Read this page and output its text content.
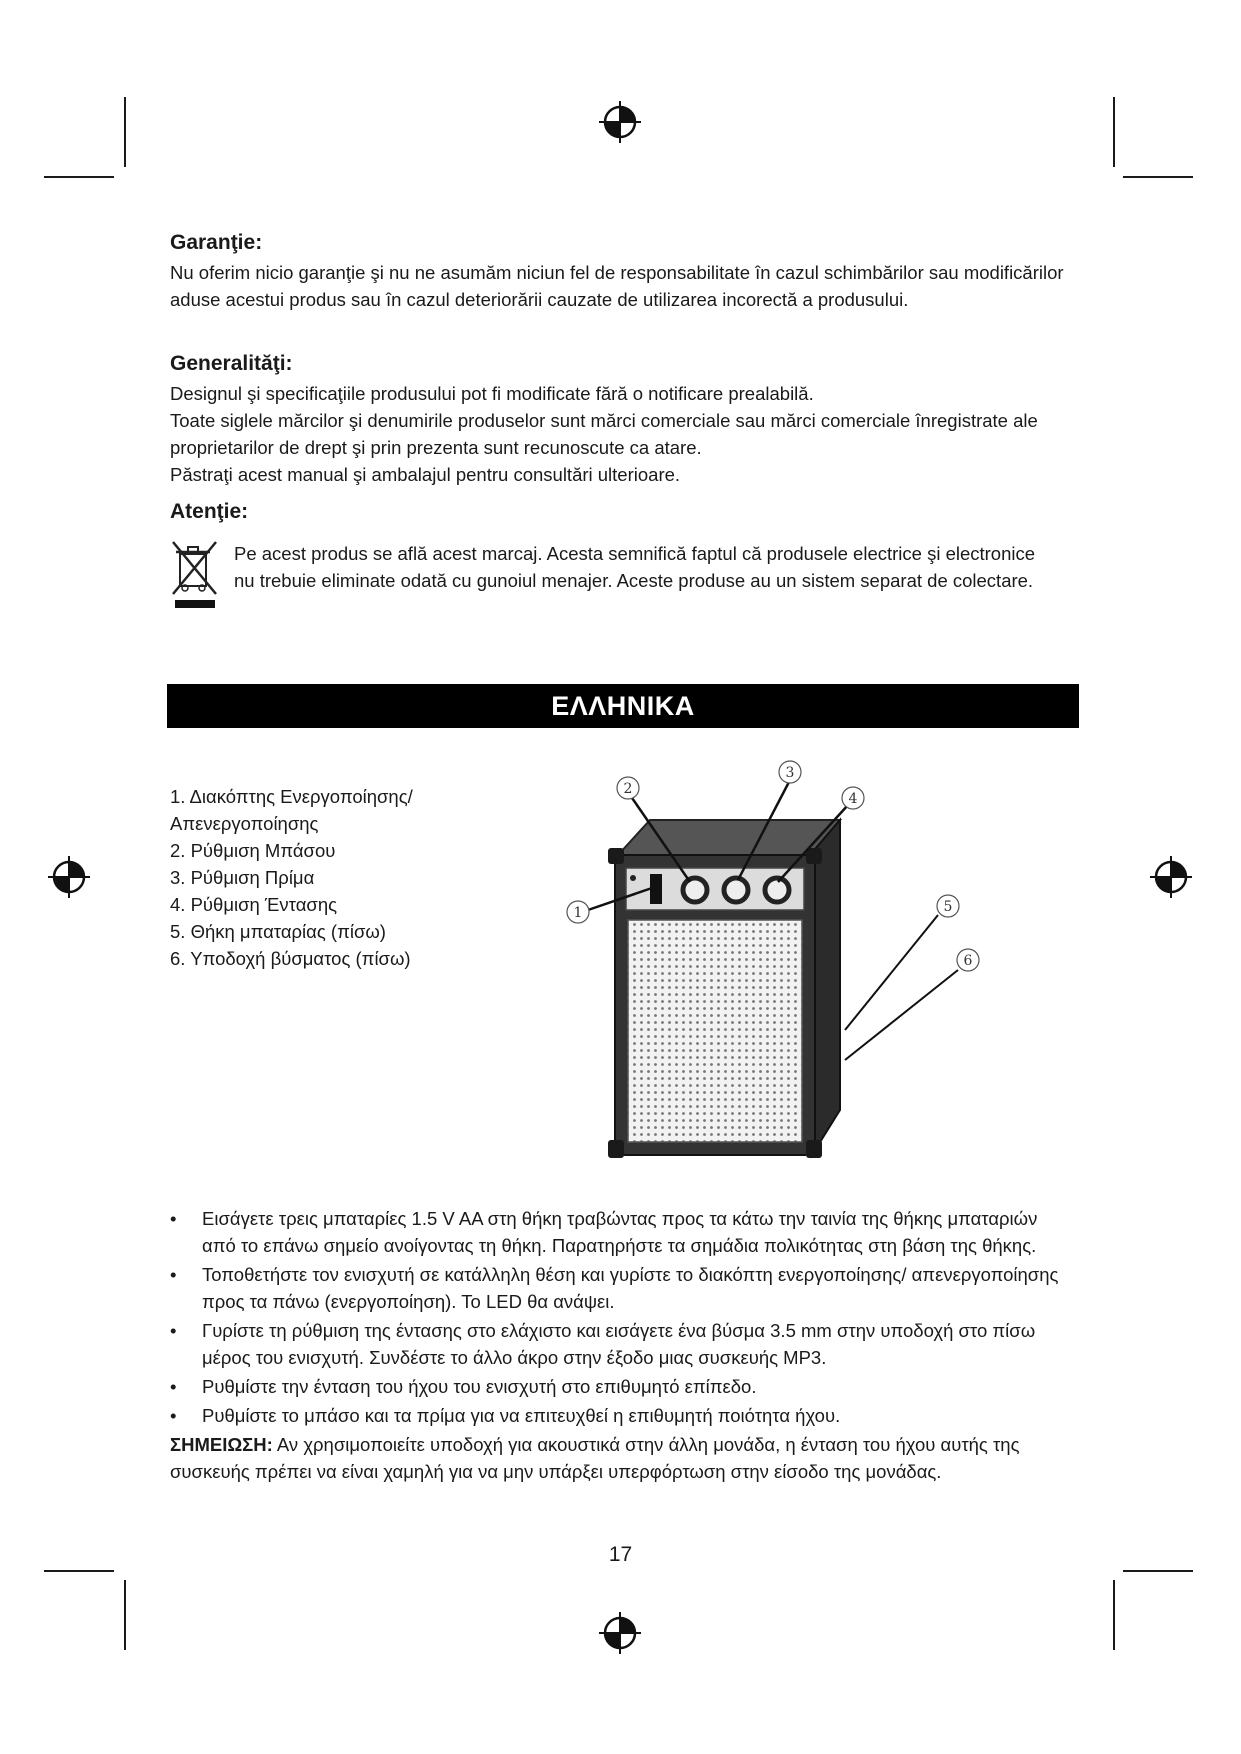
Garanţie:

Nu oferim nicio garanţie şi nu ne asumăm niciun fel de responsabilitate în cazul schimbărilor sau modificărilor aduse acestui produs sau în cazul deteriorării cauzate de utilizarea incorectă a produsului.

Generalităţi:

Designul şi specificaţiile produsului pot fi modificate fără o notificare prealabilă.

Toate siglele mărcilor şi denumirile produselor sunt mărci comerciale sau mărci comerciale înregistrate ale proprietarilor de drept şi prin prezenta sunt recunoscute ca atare.

Păstraţi acest manual şi ambalajul pentru consultări ulterioare.

Atenţie:

Pe acest produs se află acest marcaj. Acesta semnifică faptul că produsele electrice şi electronice nu trebuie eliminate odată cu gunoiul menajer. Aceste produse au un sistem separat de colectare.
ΕΛΛΗΝΙΚΑ
1. Διακόπτης Ενεργοποίησης/ Απενεργοποίησης
2. Ρύθμιση Μπάσου
3. Ρύθμιση Πρίμα
4. Ρύθμιση Έντασης
5. Θήκη μπαταρίας (πίσω)
6. Υποδοχή βύσματος (πίσω)
1
2
3
4
5
6
• Εισάγετε τρεις μπαταρίες 1.5 V AA στη θήκη τραβώντας προς τα κάτω την ταινία της θήκης μπαταριών από το επάνω σημείο ανοίγοντας τη θήκη. Παρατηρήστε τα σημάδια πολικότητας στη βάση της θήκης.
• Τοποθετήστε τον ενισχυτή σε κατάλληλη θέση και γυρίστε το διακόπτη ενεργοποίησης/ απενεργοποίησης προς τα πάνω (ενεργοποίηση). Το LED θα ανάψει.
• Γυρίστε τη ρύθμιση της έντασης στο ελάχιστο και εισάγετε ένα βύσμα 3.5 mm στην υποδοχή στο πίσω μέρος του ενισχυτή. Συνδέστε το άλλο άκρο στην έξοδο μιας συσκευής MP3.
• Ρυθμίστε την ένταση του ήχου του ενισχυτή στο επιθυμητό επίπεδο.
• Ρυθμίστε το μπάσο και τα πρίμα για να επιτευχθεί η επιθυμητή ποιότητα ήχου.
ΣΗΜΕΙΩΣΗ: Αν χρησιμοποιείτε υποδοχή για ακουστικά στην άλλη μονάδα, η ένταση του ήχου αυτής της συσκευής πρέπει να είναι χαμηλή για να μην υπάρξει υπερφόρτωση στην είσοδο της μονάδας.
17
